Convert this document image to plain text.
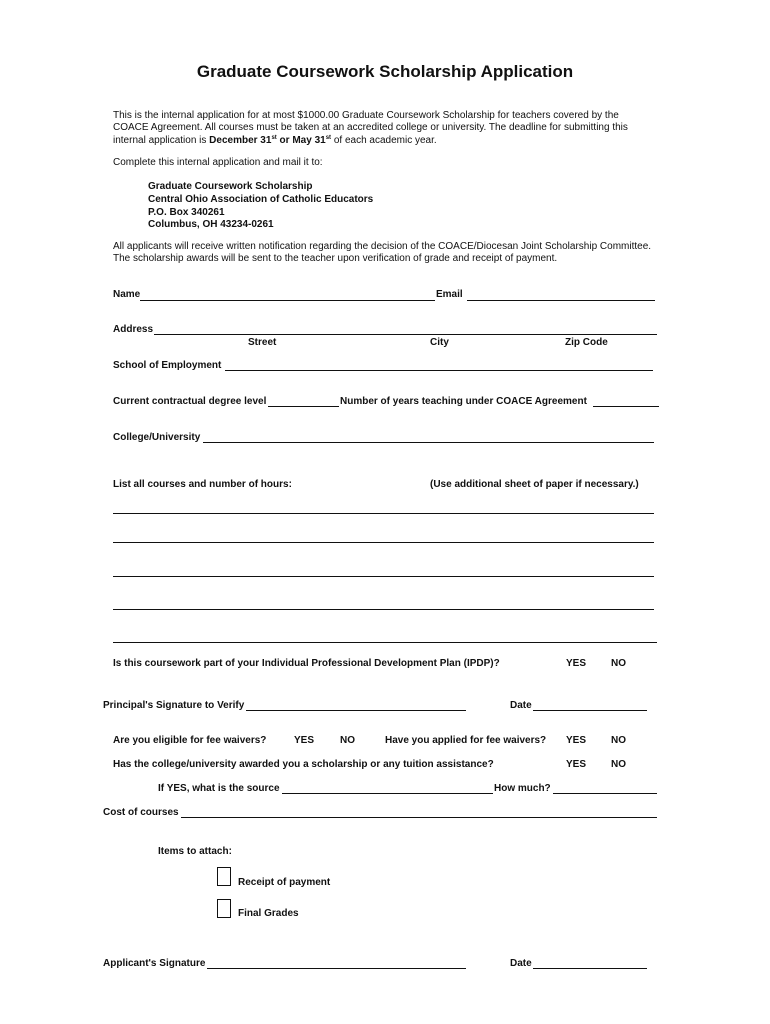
Graduate Coursework Scholarship Application
This is the internal application for at most $1000.00 Graduate Coursework Scholarship for teachers covered by the COACE Agreement. All courses must be taken at an accredited college or university. The deadline for submitting this internal application is December 31st or May 31st of each academic year.
Complete this internal application and mail it to:
Graduate Coursework Scholarship
Central Ohio Association of Catholic Educators
P.O. Box 340261
Columbus, OH 43234-0261
All applicants will receive written notification regarding the decision of the COACE/Diocesan Joint Scholarship Committee. The scholarship awards will be sent to the teacher upon verification of grade and receipt of payment.
Name	Email
Address
Street	City	Zip Code
School of Employment
Current contractual degree level	Number of years teaching under COACE Agreement
College/University
List all courses and number of hours:	(Use additional sheet of paper if necessary.)
Is this coursework part of your Individual Professional Development Plan (IPDP)?	YES NO
Principal's Signature to Verify	Date
Are you eligible for fee waivers?	YES	NO	Have you applied for fee waivers? YES NO
Has the college/university awarded you a scholarship or any tuition assistance?	YES NO
If YES, what is the source	How much?
Cost of courses
Items to attach:
Receipt of payment
Final Grades
Applicant's Signature	Date
